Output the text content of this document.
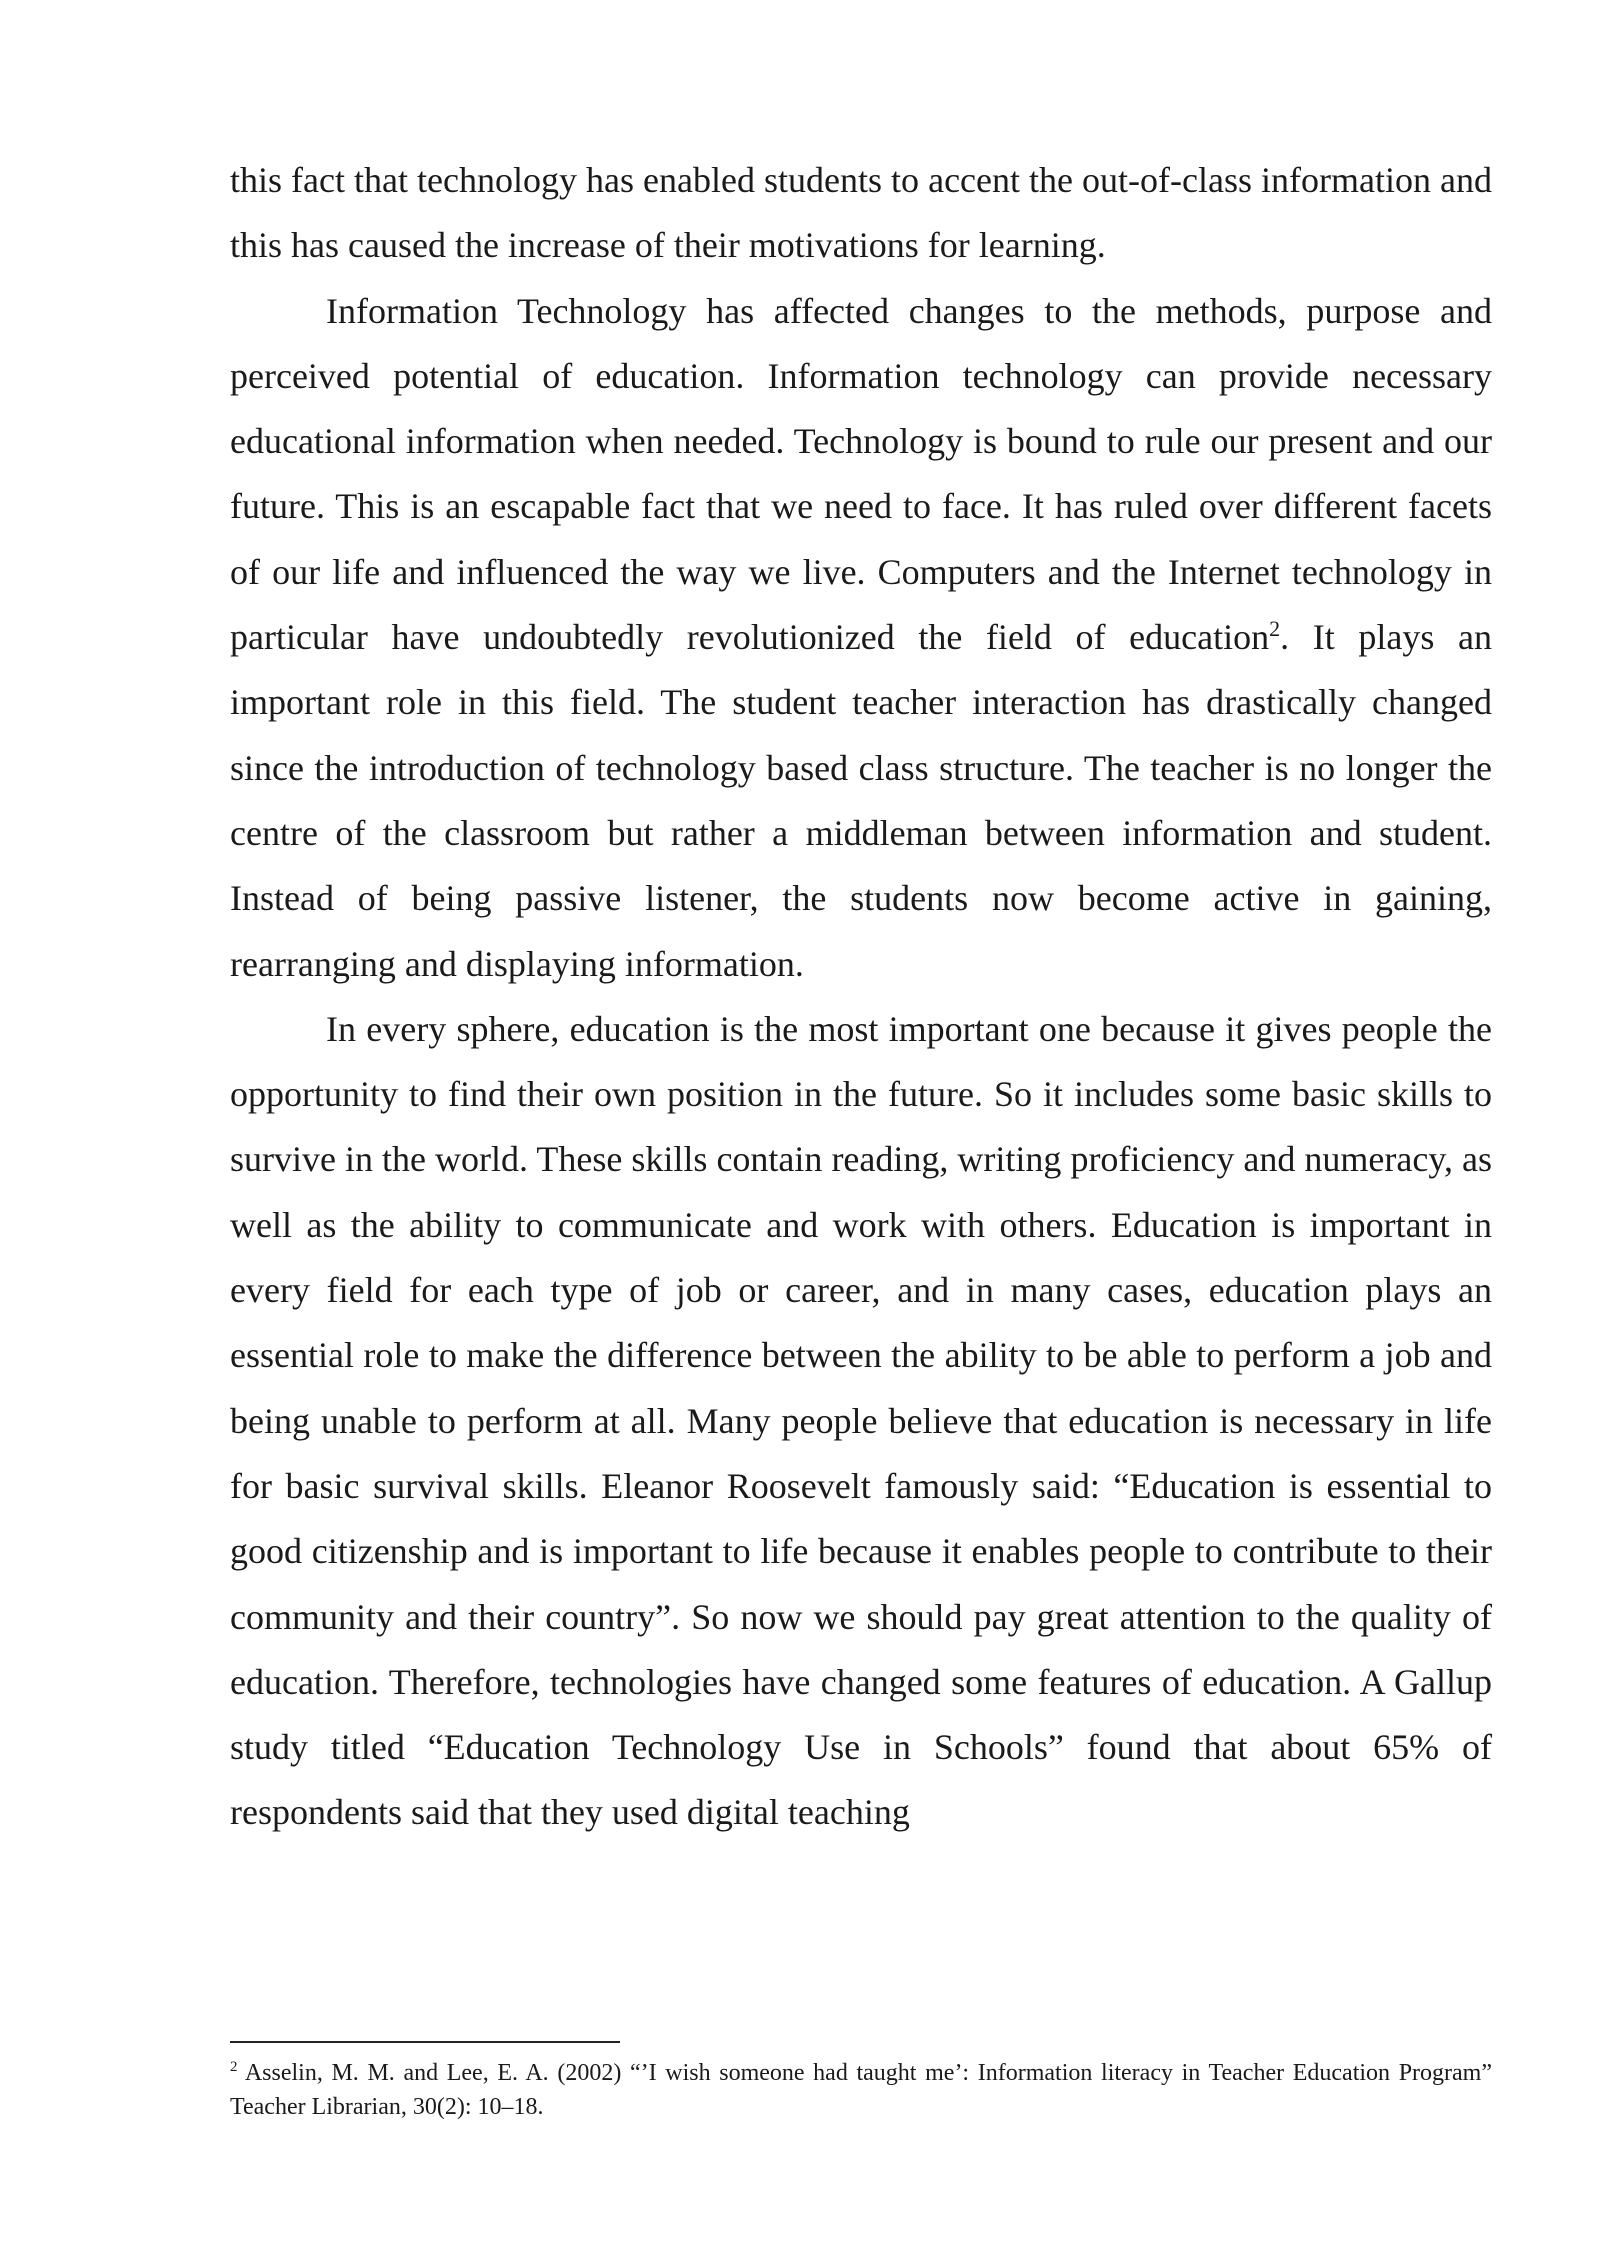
this fact that technology has enabled students to accent the out-of-class information and this has caused the increase of their motivations for learning.

Information Technology has affected changes to the methods, purpose and perceived potential of education. Information technology can provide necessary educational information when needed. Technology is bound to rule our present and our future. This is an escapable fact that we need to face. It has ruled over different facets of our life and influenced the way we live. Computers and the Internet technology in particular have undoubtedly revolutionized the field of education$^2$. It plays an important role in this field. The student teacher interaction has drastically changed since the introduction of technology based class structure. The teacher is no longer the centre of the classroom but rather a middleman between information and student. Instead of being passive listener, the students now become active in gaining, rearranging and displaying information.

In every sphere, education is the most important one because it gives people the opportunity to find their own position in the future. So it includes some basic skills to survive in the world. These skills contain reading, writing proficiency and numeracy, as well as the ability to communicate and work with others. Education is important in every field for each type of job or career, and in many cases, education plays an essential role to make the difference between the ability to be able to perform a job and being unable to perform at all. Many people believe that education is necessary in life for basic survival skills. Eleanor Roosevelt famously said: “Education is essential to good citizenship and is important to life because it enables people to contribute to their community and their country”. So now we should pay great attention to the quality of education. Therefore, technologies have changed some features of education. A Gallup study titled “Education Technology Use in Schools” found that about 65% of respondents said that they used digital teaching

$^2$ Asselin, M. M. and Lee, E. A. (2002) “’I wish someone had taught me’: Information literacy in Teacher Education Program” Teacher Librarian, 30(2): 10–18.
